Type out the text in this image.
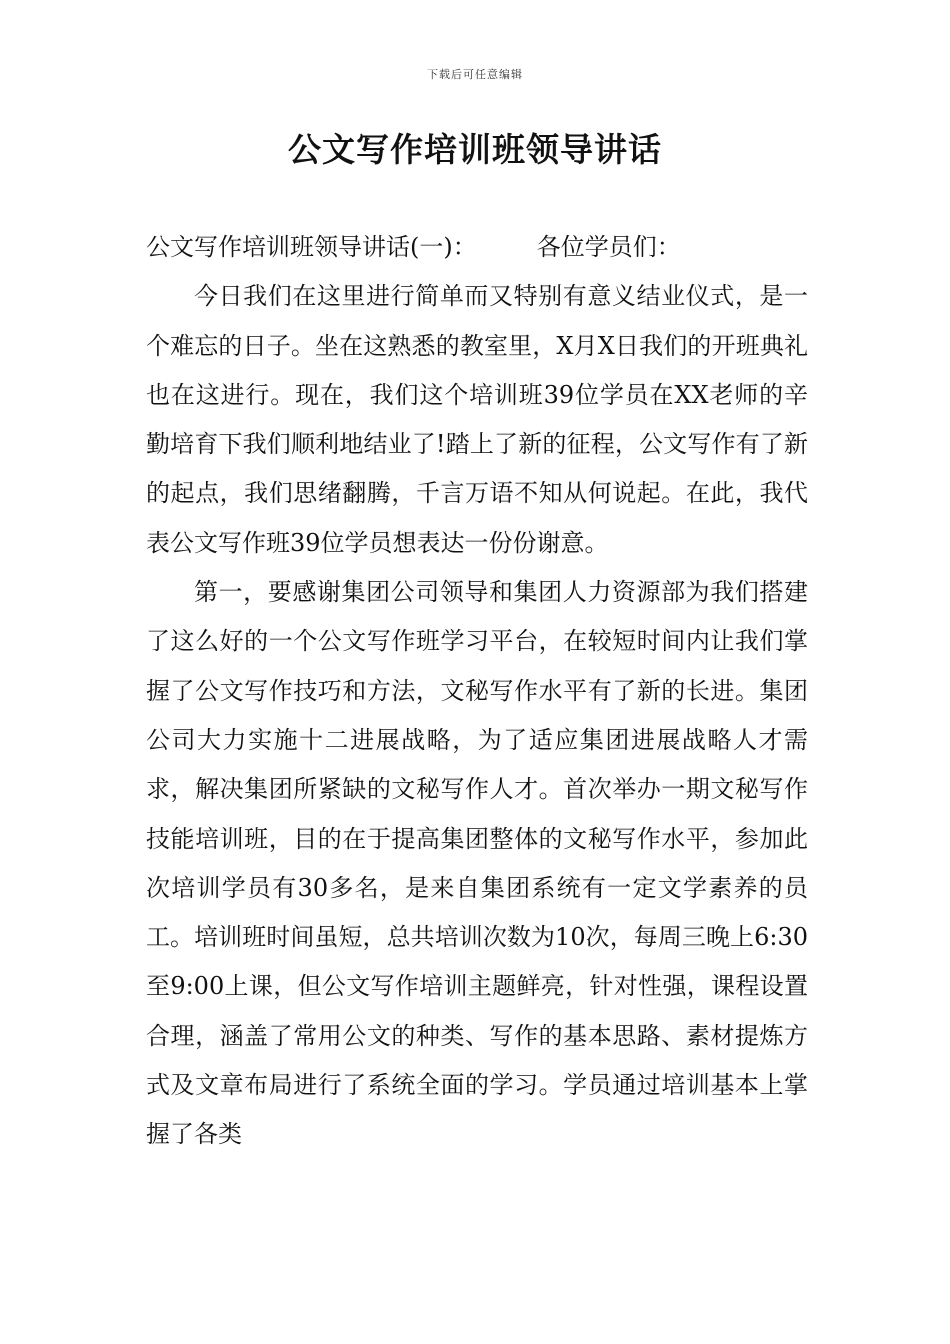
下载后可任意编辑
公文写作培训班领导讲话

公文写作培训班领导讲话(一)：	各位学员们：

今日我们在这里进行简单而又特别有意义结业仪式，是一个难忘的日子。坐在这熟悉的教室里，X月X日我们的开班典礼也在这进行。现在，我们这个培训班39位学员在XX老师的辛勤培育下我们顺利地结业了!踏上了新的征程，公文写作有了新的起点，我们思绪翻腾，千言万语不知从何说起。在此，我代表公文写作班39位学员想表达一份份谢意。

第一，要感谢集团公司领导和集团人力资源部为我们搭建了这么好的一个公文写作班学习平台，在较短时间内让我们掌握了公文写作技巧和方法，文秘写作水平有了新的长进。集团公司大力实施十二进展战略，为了适应集团进展战略人才需求，解决集团所紧缺的文秘写作人才。首次举办一期文秘写作技能培训班，目的在于提高集团整体的文秘写作水平，参加此次培训学员有30多名，是来自集团系统有一定文学素养的员工。培训班时间虽短，总共培训次数为10次，每周三晚上6:30至9:00上课，但公文写作培训主题鲜亮，针对性强，课程设置合理，涵盖了常用公文的种类、写作的基本思路、素材提炼方式及文章布局进行了系统全面的学习。学员通过培训基本上掌握了各类
